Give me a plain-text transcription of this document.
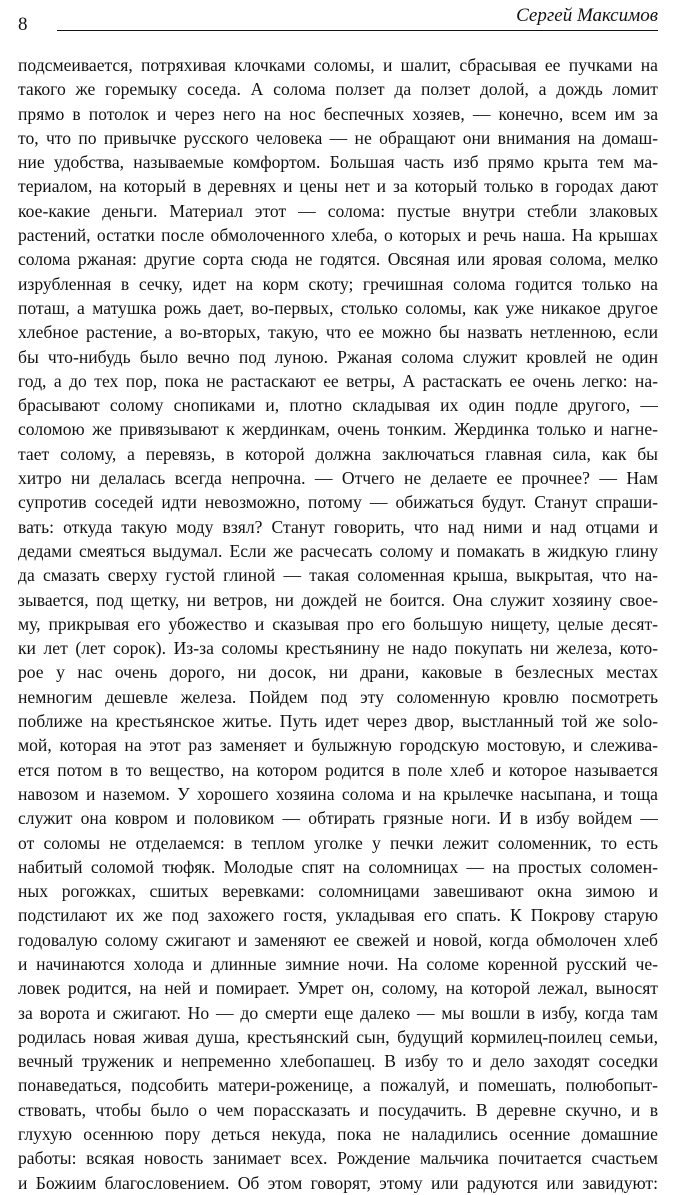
8	Сергей Максимов
подсмеивается, потряхивая клочками соломы, и шалит, сбрасывая ее пучками на
такого же горемыку соседа. А солома ползет да ползет долой, а дождь ломит
прямо в потолок и через него на нос беспечных хозяев, — конечно, всем им за
то, что по привычке русского человека — не обращают они внимания на домаш-
ние удобства, называемые комфортом. Большая часть изб прямо крыта тем ма-
териалом, на который в деревнях и цены нет и за который только в городах дают
кое-какие деньги. Материал этот — солома: пустые внутри стебли злаковых
растений, остатки после обмолоченного хлеба, о которых и речь наша. На крышах
солома ржаная: другие сорта сюда не годятся. Овсяная или яровая солома, мелко
изрубленная в сечку, идет на корм скоту; гречишная солома годится только на
поташ, а матушка рожь дает, во-первых, столько соломы, как уже никакое другое
хлебное растение, а во-вторых, такую, что ее можно бы назвать нетленною, если
бы что-нибудь было вечно под луною. Ржаная солома служит кровлей не один
год, а до тех пор, пока не растаскают ее ветры, А растаскать ее очень легко: на-
брасывают солому снопиками и, плотно складывая их один подле другого, —
соломою же привязывают к жердинкам, очень тонким. Жердинка только и нагне-
тает солому, а перевязь, в которой должна заключаться главная сила, как бы
хитро ни делалась всегда непрочна. — Отчего не делаете ее прочнее? — Нам
супротив соседей идти невозможно, потому — обижаться будут. Станут спраши-
вать: откуда такую моду взял? Станут говорить, что над ними и над отцами и
дедами смеяться выдумал. Если же расчесать солому и помакать в жидкую глину
да смазать сверху густой глиной — такая соломенная крыша, выкрытая, что на-
зывается, под щетку, ни ветров, ни дождей не боится. Она служит хозяину свое-
му, прикрывая его убожество и сказывая про его большую нищету, целые десят-
ки лет (лет сорок). Из-за соломы крестьянину не надо покупать ни железа, кото-
рое у нас очень дорого, ни досок, ни драни, каковые в безлесных местах
немногим дешевле железа. Пойдем под эту соломенную кровлю посмотреть
поближе на крестьянское житье. Путь идет через двор, выстланный той же solo-
мой, которая на этот раз заменяет и булыжную городскую мостовую, и слежива-
ется потом в то вещество, на котором родится в поле хлеб и которое называется
навозом и наземом. У хорошего хозяина солома и на крылечке насыпана, и тоща
служит она ковром и половиком — обтирать грязные ноги. И в избу войдем —
от соломы не отделаемся: в теплом уголке у печки лежит соломенник, то есть
набитый соломой тюфяк. Молодые спят на соломницах — на простых соломен-
ных рогожках, сшитых веревками: соломницами завешивают окна зимою и
подстилают их же под захожего гостя, укладывая его спать. К Покрову старую
годовалую солому сжигают и заменяют ее свежей и новой, когда обмолочен хлеб
и начинаются холода и длинные зимние ночи. На соломе коренной русский че-
ловек родится, на ней и помирает. Умрет он, солому, на которой лежал, выносят
за ворота и сжигают. Но — до смерти еще далеко — мы вошли в избу, когда там
родилась новая живая душа, крестьянский сын, будущий кормилец-поилец семьи,
вечный труженик и непременно хлебопашец. В избу то и дело заходят соседки
понаведаться, подсобить матери-роженице, а пожалуй, и помешать, полюбопыт-
ствовать, чтобы было о чем порассказать и посудачить. В деревне скучно, и в
глухую осеннюю пору деться некуда, пока не наладились осенние домашние
работы: всякая новость занимает всех. Рождение мальчика почитается счастьем
и Божиим благословением. Об этом говорят, этому или радуются или завидуют:
